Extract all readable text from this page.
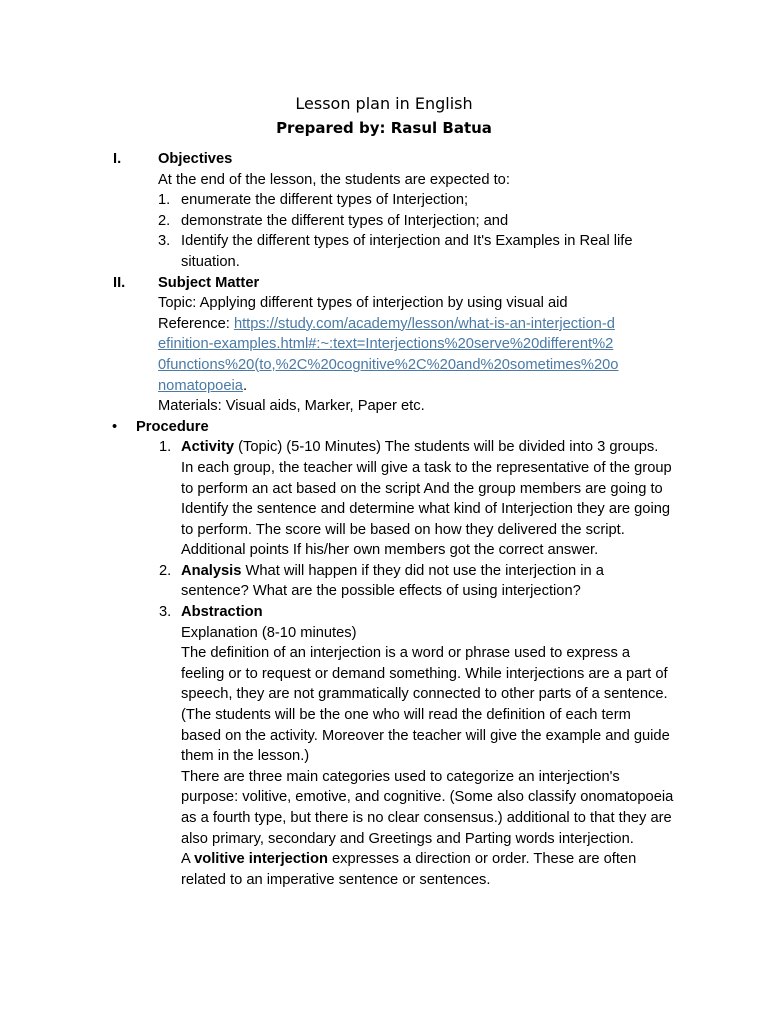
Lesson plan in English
Prepared by: Rasul Batua
I.	Objectives
At the end of the lesson, the students are expected to:
1. enumerate the different types of Interjection;
2. demonstrate the different types of Interjection; and
3. Identify the different types of interjection and It's Examples in Real life situation.
II.	Subject Matter
Topic: Applying different types of interjection by using visual aid
Reference: https://study.com/academy/lesson/what-is-an-interjection-definition-examples.html#:~:text=Interjections%20serve%20different%20functions%20(to,%2C%20cognitive%2C%20and%20sometimes%20onomatopoeia.
Materials: Visual aids, Marker, Paper etc.
•	Procedure
1. Activity (Topic) (5-10 Minutes) The students will be divided into 3 groups. In each group, the teacher will give a task to the representative of the group to perform an act based on the script And the group members are going to Identify the sentence and determine what kind of Interjection they are going to perform. The score will be based on how they delivered the script. Additional points If his/her own members got the correct answer.
2. Analysis What will happen if they did not use the interjection in a sentence? What are the possible effects of using interjection?
3. Abstraction
Explanation (8-10 minutes)
The definition of an interjection is a word or phrase used to express a feeling or to request or demand something. While interjections are a part of speech, they are not grammatically connected to other parts of a sentence.
(The students will be the one who will read the definition of each term based on the activity. Moreover the teacher will give the example and guide them in the lesson.)
There are three main categories used to categorize an interjection's purpose: volitive, emotive, and cognitive. (Some also classify onomatopoeia as a fourth type, but there is no clear consensus.) additional to that they are also primary, secondary and Greetings and Parting words interjection.
A volitive interjection expresses a direction or order. These are often related to an imperative sentence or sentences.
